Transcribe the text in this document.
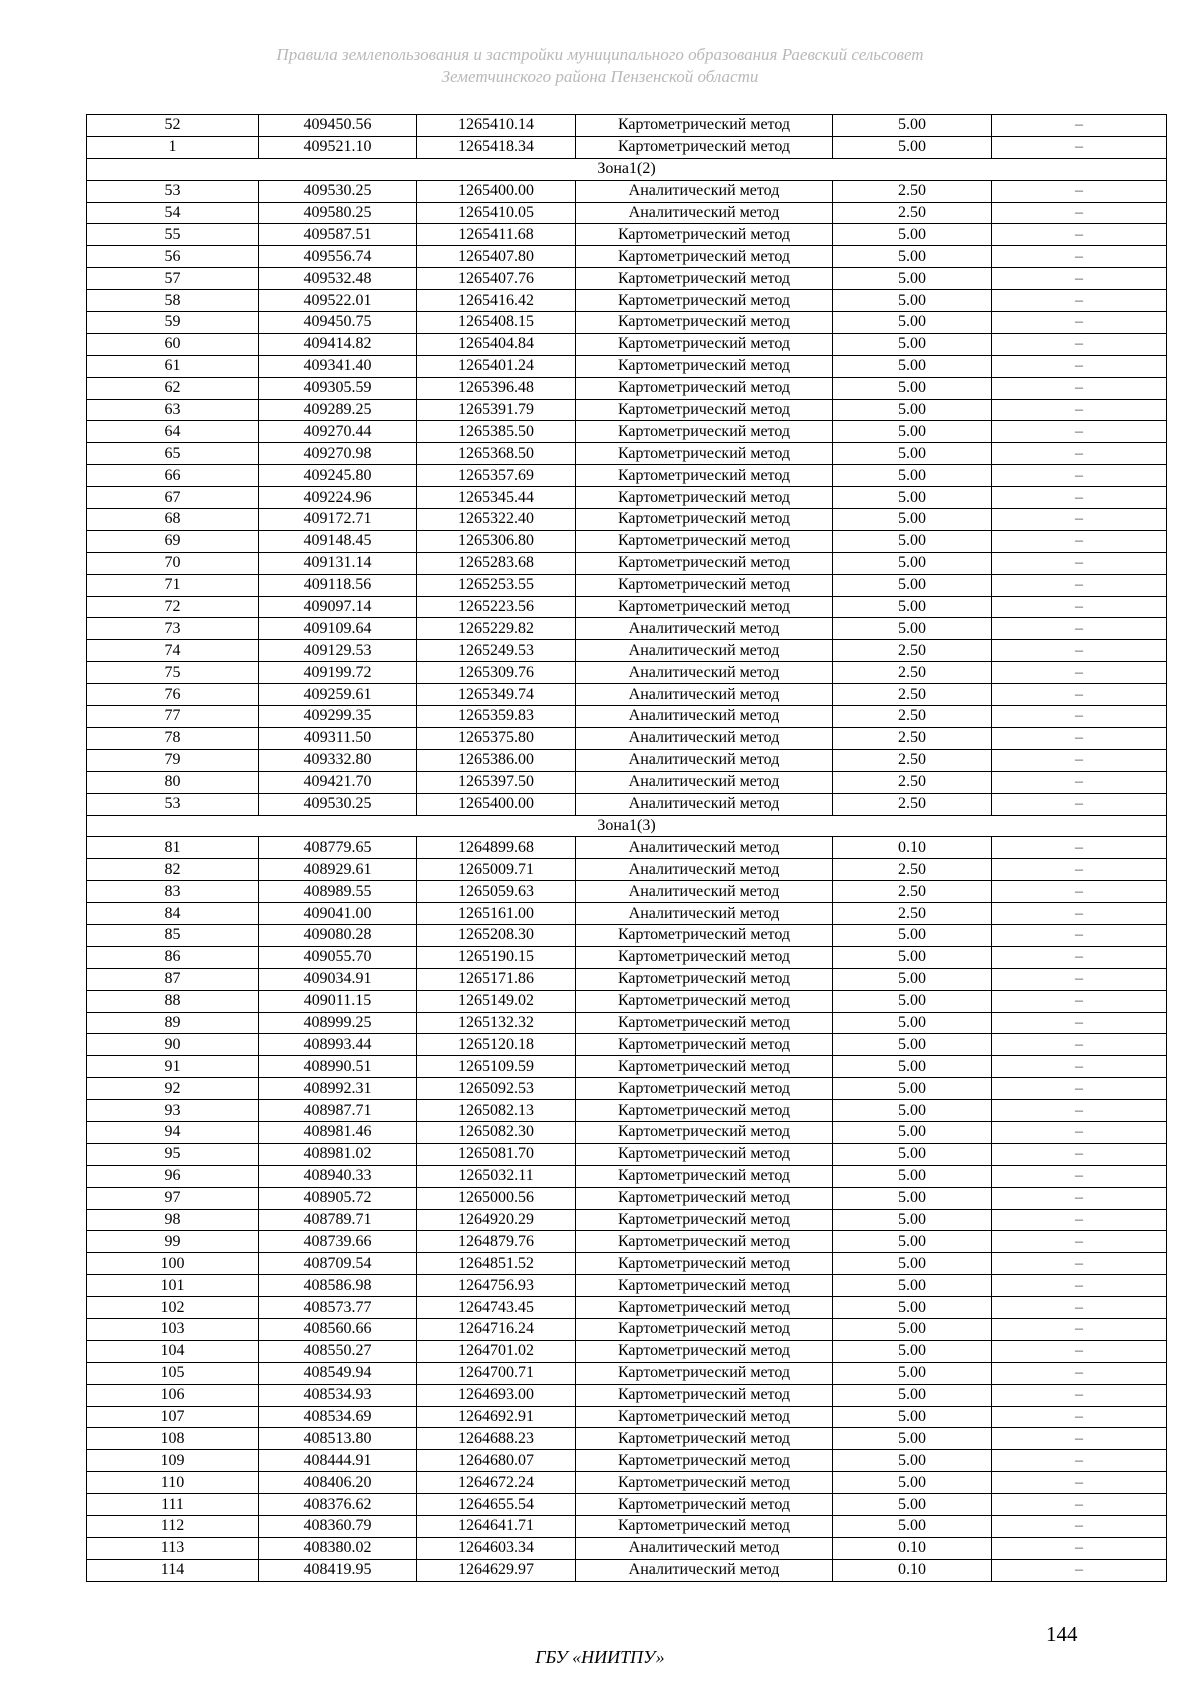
Правила землепользования и застройки муниципального образования Раевский сельсовет
Земетчинского района Пензенской области
52	409450.56	1265410.14	Картометрический метод	5.00	–
1	409521.10	1265418.34	Картометрический метод	5.00	–
Зона1(2)					
53	409530.25	1265400.00	Аналитический метод	2.50	–
54	409580.25	1265410.05	Аналитический метод	2.50	–
55	409587.51	1265411.68	Картометрический метод	5.00	–
56	409556.74	1265407.80	Картометрический метод	5.00	–
57	409532.48	1265407.76	Картометрический метод	5.00	–
58	409522.01	1265416.42	Картометрический метод	5.00	–
59	409450.75	1265408.15	Картометрический метод	5.00	–
60	409414.82	1265404.84	Картометрический метод	5.00	–
61	409341.40	1265401.24	Картометрический метод	5.00	–
62	409305.59	1265396.48	Картометрический метод	5.00	–
63	409289.25	1265391.79	Картометрический метод	5.00	–
64	409270.44	1265385.50	Картометрический метод	5.00	–
65	409270.98	1265368.50	Картометрический метод	5.00	–
66	409245.80	1265357.69	Картометрический метод	5.00	–
67	409224.96	1265345.44	Картометрический метод	5.00	–
68	409172.71	1265322.40	Картометрический метод	5.00	–
69	409148.45	1265306.80	Картометрический метод	5.00	–
70	409131.14	1265283.68	Картометрический метод	5.00	–
71	409118.56	1265253.55	Картометрический метод	5.00	–
72	409097.14	1265223.56	Картометрический метод	5.00	–
73	409109.64	1265229.82	Аналитический метод	5.00	–
74	409129.53	1265249.53	Аналитический метод	2.50	–
75	409199.72	1265309.76	Аналитический метод	2.50	–
76	409259.61	1265349.74	Аналитический метод	2.50	–
77	409299.35	1265359.83	Аналитический метод	2.50	–
78	409311.50	1265375.80	Аналитический метод	2.50	–
79	409332.80	1265386.00	Аналитический метод	2.50	–
80	409421.70	1265397.50	Аналитический метод	2.50	–
53	409530.25	1265400.00	Аналитический метод	2.50	–
Зона1(3)					
81	408779.65	1264899.68	Аналитический метод	0.10	–
82	408929.61	1265009.71	Аналитический метод	2.50	–
83	408989.55	1265059.63	Аналитический метод	2.50	–
84	409041.00	1265161.00	Аналитический метод	2.50	–
85	409080.28	1265208.30	Картометрический метод	5.00	–
86	409055.70	1265190.15	Картометрический метод	5.00	–
87	409034.91	1265171.86	Картометрический метод	5.00	–
88	409011.15	1265149.02	Картометрический метод	5.00	–
89	408999.25	1265132.32	Картометрический метод	5.00	–
90	408993.44	1265120.18	Картометрический метод	5.00	–
91	408990.51	1265109.59	Картометрический метод	5.00	–
92	408992.31	1265092.53	Картометрический метод	5.00	–
93	408987.71	1265082.13	Картометрический метод	5.00	–
94	408981.46	1265082.30	Картометрический метод	5.00	–
95	408981.02	1265081.70	Картометрический метод	5.00	–
96	408940.33	1265032.11	Картометрический метод	5.00	–
97	408905.72	1265000.56	Картометрический метод	5.00	–
98	408789.71	1264920.29	Картометрический метод	5.00	–
99	408739.66	1264879.76	Картометрический метод	5.00	–
100	408709.54	1264851.52	Картометрический метод	5.00	–
101	408586.98	1264756.93	Картометрический метод	5.00	–
102	408573.77	1264743.45	Картометрический метод	5.00	–
103	408560.66	1264716.24	Картометрический метод	5.00	–
104	408550.27	1264701.02	Картометрический метод	5.00	–
105	408549.94	1264700.71	Картометрический метод	5.00	–
106	408534.93	1264693.00	Картометрический метод	5.00	–
107	408534.69	1264692.91	Картометрический метод	5.00	–
108	408513.80	1264688.23	Картометрический метод	5.00	–
109	408444.91	1264680.07	Картометрический метод	5.00	–
110	408406.20	1264672.24	Картометрический метод	5.00	–
111	408376.62	1264655.54	Картометрический метод	5.00	–
112	408360.79	1264641.71	Картометрический метод	5.00	–
113	408380.02	1264603.34	Аналитический метод	0.10	–
114	408419.95	1264629.97	Аналитический метод	0.10	–
144
ГБУ «НИИТПУ»
